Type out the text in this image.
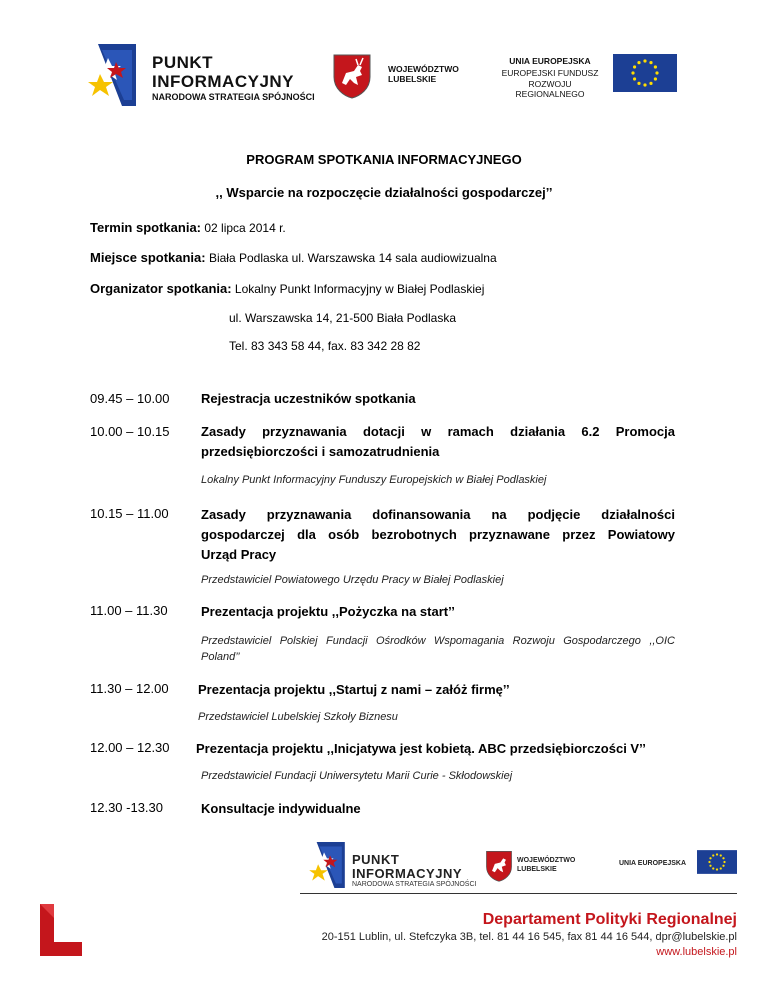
PUNKT
INFORMACYJNY
NARODOWA STRATEGIA SPÓJNOŚCI
WOJEWÓDZTWO
LUBELSKIE
UNIA EUROPEJSKA
EUROPEJSKI FUNDUSZ
ROZWOJU REGIONALNEGO
PROGRAM SPOTKANIA INFORMACYJNEGO
,, Wsparcie na rozpoczęcie działalności gospodarczej’’
Termin spotkania: 02 lipca 2014 r.
Miejsce spotkania: Biała Podlaska ul. Warszawska 14 sala audiowizualna
Organizator spotkania: Lokalny Punkt Informacyjny w Białej Podlaskiej
ul. Warszawska 14, 21-500 Biała Podlaska
Tel. 83 343 58 44, fax. 83 342 28 82
09.45 – 10.00 Rejestracja uczestników spotkania
10.00 – 10.15 Zasady przyznawania dotacji w ramach działania 6.2 Promocja
przedsiębiorczości i samozatrudnienia
Lokalny Punkt Informacyjny Funduszy Europejskich w Białej Podlaskiej
10.15 – 11.00 Zasady przyznawania dofinansowania na podjęcie działalności
gospodarczej dla osób bezrobotnych przyznawane przez Powiatowy
Urząd Pracy
Przedstawiciel Powiatowego Urzędu Pracy w Białej Podlaskiej
11.00 – 11.30	Prezentacja projektu ,,Pożyczka na start’’
Przedstawiciel Polskiej Fundacji Ośrodków Wspomagania Rozwoju Gospodarczego ,,OIC
Poland’’
11.30 – 12.00 Prezentacja projektu ,,Startuj z nami – załóż firmę’’
Przedstawiciel Lubelskiej Szkoły Biznesu
12.00 – 12.30 Prezentacja projektu ,,Inicjatywa jest kobietą. ABC przedsiębiorczości V’’
Przedstawiciel Fundacji Uniwersytetu Marii Curie - Skłodowskiej
12.30 -13.30	Konsultacje indywidualne
PUNKT
INFORMACYJNY
NARODOWA STRATEGIA SPÓJNOŚCI
WOJEWÓDZTWO
LUBELSKIE
UNIA EUROPEJSKA
Departament Polityki Regionalnej
20-151 Lublin, ul. Stefczyka 3B, tel. 81 44 16 545, fax 81 44 16 544, dpr@lubelskie.pl
www.lubelskie.pl
